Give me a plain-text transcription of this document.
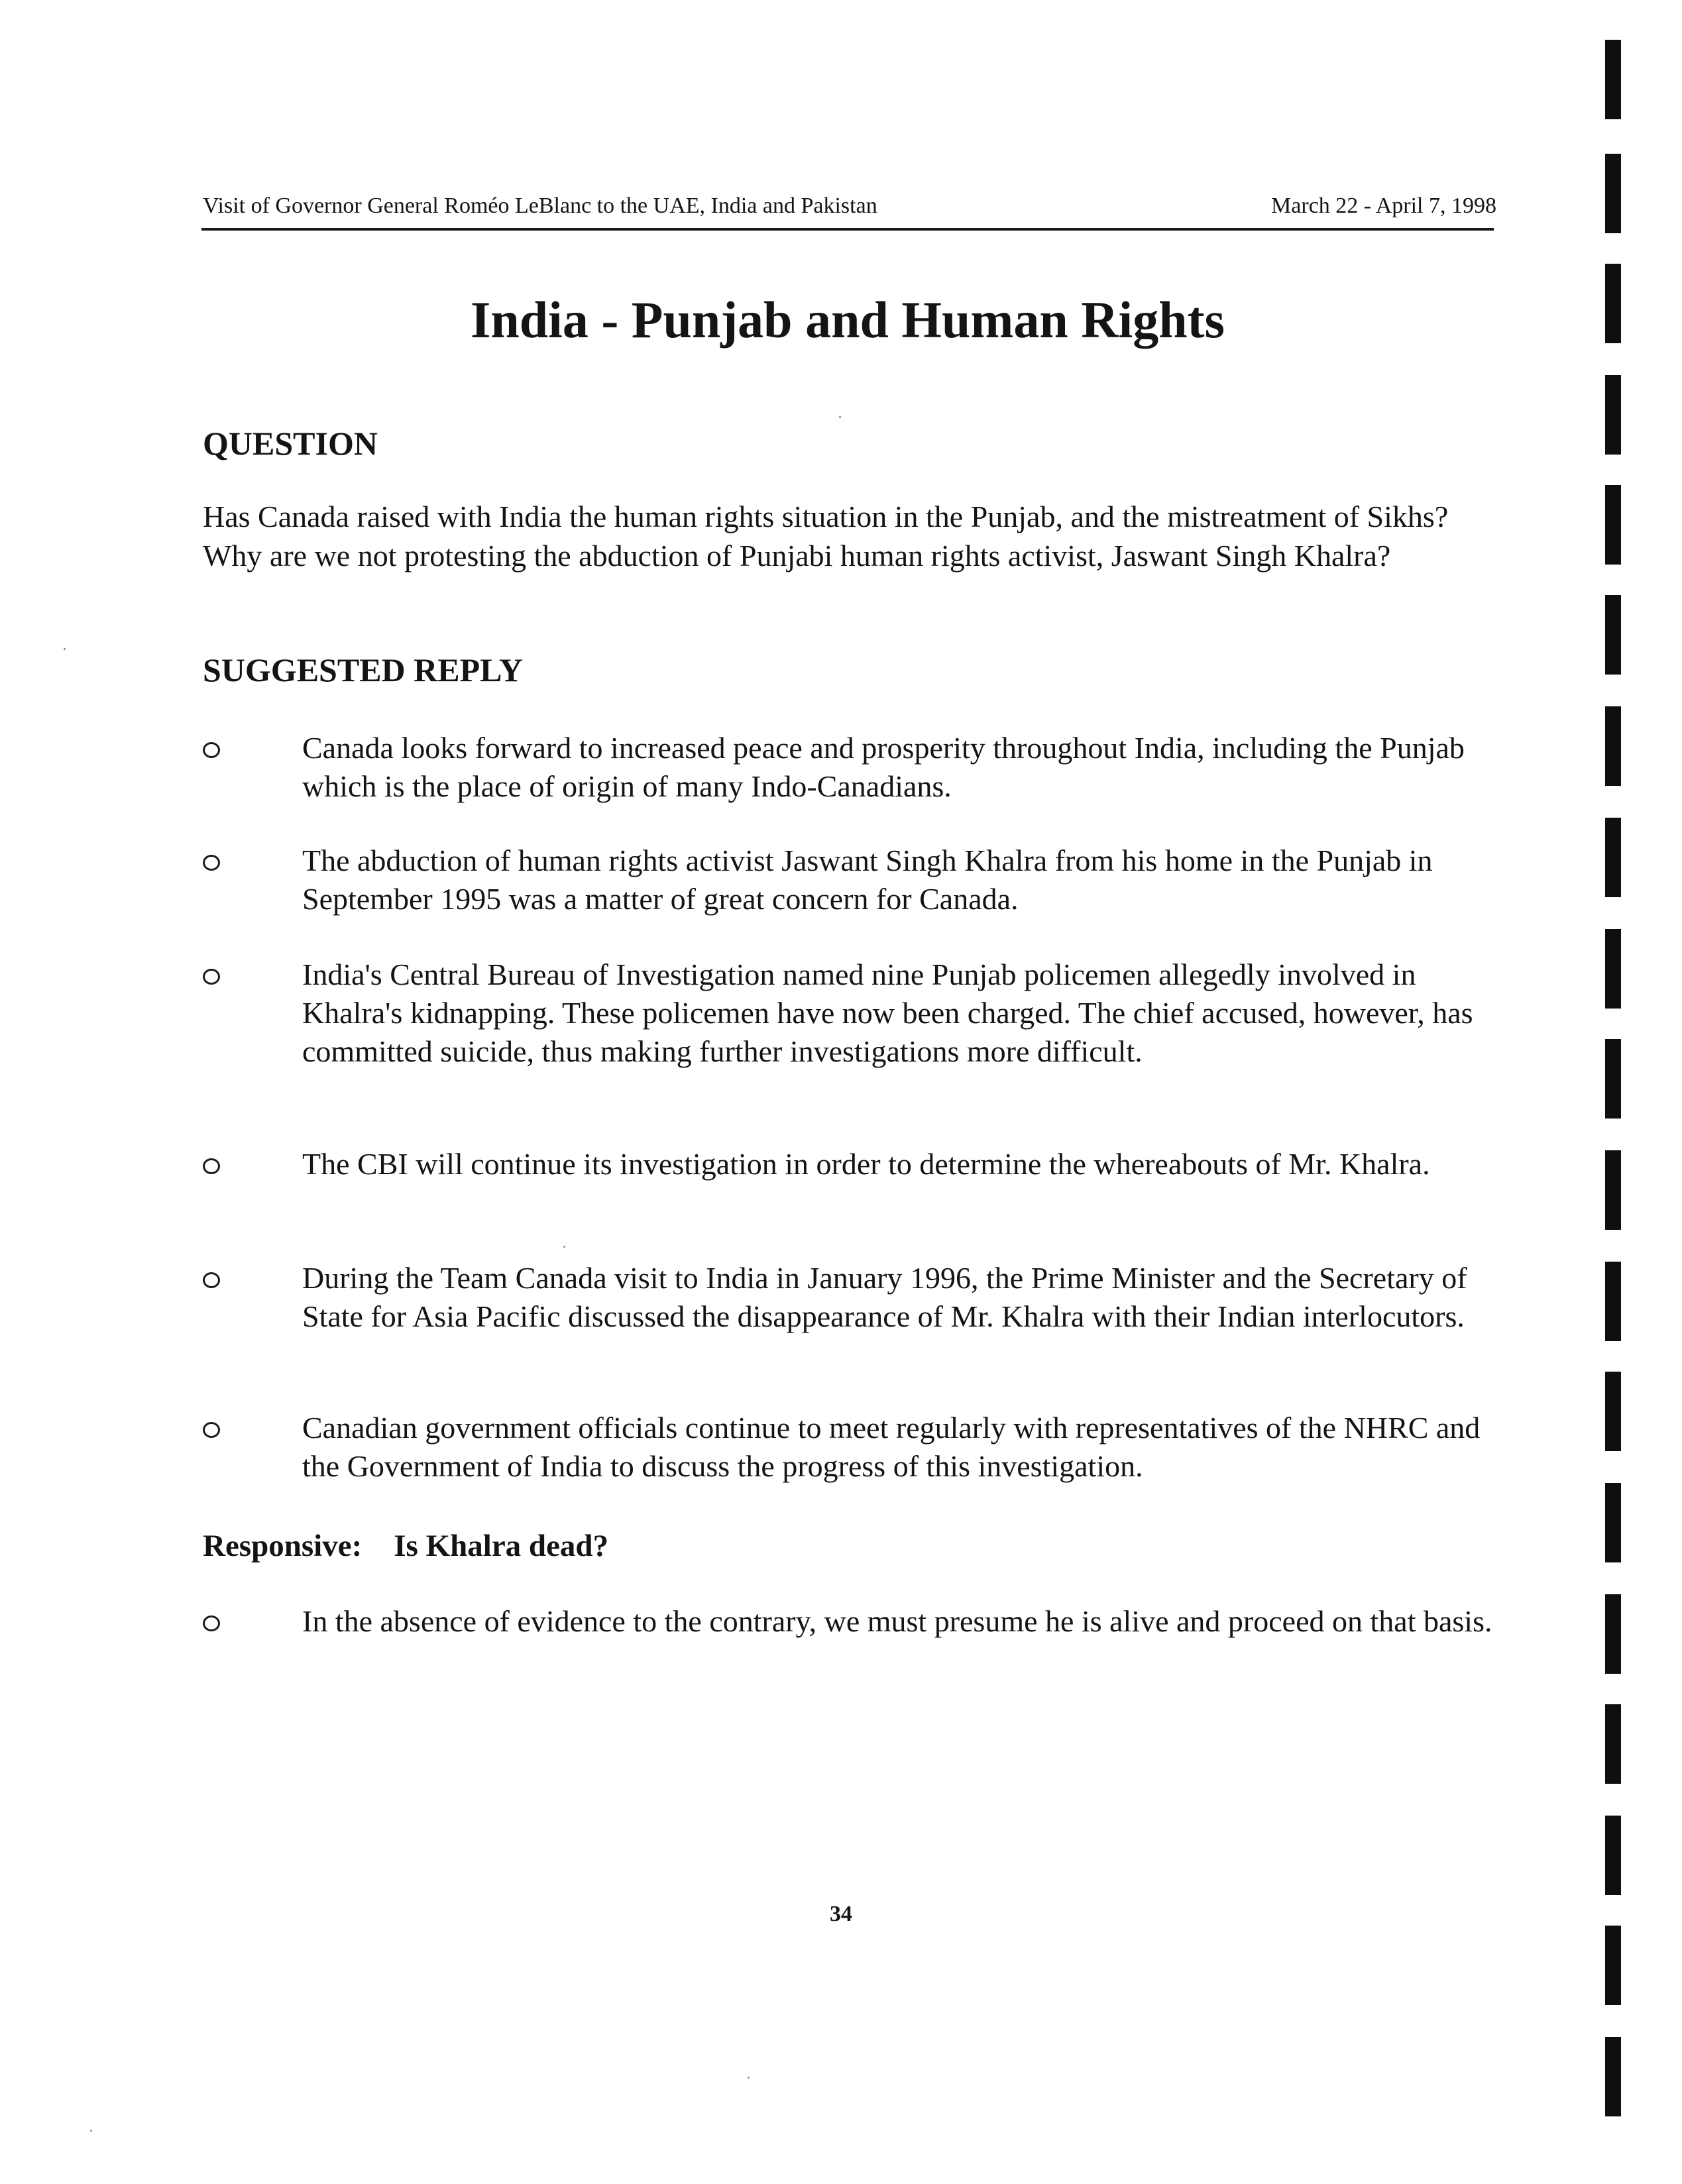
Visit of Governor General Roméo LeBlanc to the UAE, India and Pakistan	March 22 - April 7, 1998
India - Punjab and Human Rights
QUESTION

Has Canada raised with India the human rights situation in the Punjab, and the mistreatment of Sikhs? Why are we not protesting the abduction of Punjabi human rights activist, Jaswant Singh Khalra?

SUGGESTED REPLY

Canada looks forward to increased peace and prosperity throughout India, including the Punjab which is the place of origin of many Indo-Canadians.

The abduction of human rights activist Jaswant Singh Khalra from his home in the Punjab in September 1995 was a matter of great concern for Canada.

India's Central Bureau of Investigation named nine Punjab policemen allegedly involved in Khalra's kidnapping. These policemen have now been charged. The chief accused, however, has committed suicide, thus making further investigations more difficult.

The CBI will continue its investigation in order to determine the whereabouts of Mr. Khalra.

During the Team Canada visit to India in January 1996, the Prime Minister and the Secretary of State for Asia Pacific discussed the disappearance of Mr. Khalra with their Indian interlocutors.

Canadian government officials continue to meet regularly with representatives of the NHRC and the Government of India to discuss the progress of this investigation.

Responsive: Is Khalra dead?

In the absence of evidence to the contrary, we must presume he is alive and proceed on that basis.

34
